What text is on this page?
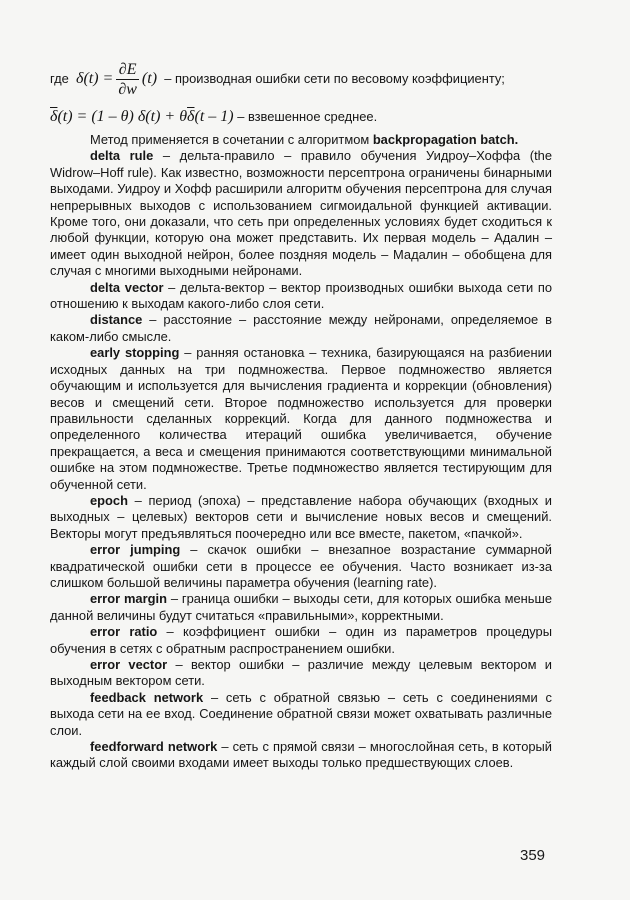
где
$\delta(t) = \frac{\partial E}{\partial w} (t)$
– производная ошибки сети по весовому коэффициенту;
$\overline{\delta}$ (t) = (1 – θ) δ(t) + θ $\overline{\delta}$ (t – 1)
– взвешенное среднее.

Метод применяется в сочетании с алгоритмом backpropagation batch.

delta rule – дельта-правило – правило обучения Уидроу–Хоффа (the Widrow–Hoff rule). Как известно, возможности персептрона ограничены бинарными выходами. Уидроу и Хофф расширили алгоритм обучения персептрона для случая непрерывных выходов с использованием сигмоидальной функцией активации. Кроме того, они доказали, что сеть при определенных условиях будет сходиться к любой функции, которую она может представить. Их первая модель – Адалин – имеет один выходной нейрон, более поздняя модель – Мадалин – обобщена для случая с многими выходными нейронами.

delta vector – дельта-вектор – вектор производных ошибки выхода сети по отношению к выходам какого-либо слоя сети.

distance – расстояние – расстояние между нейронами, определяемое в каком-либо смысле.

early stopping – ранняя остановка – техника, базирующаяся на разбиении исходных данных на три подмножества. Первое подмножество является обучающим и используется для вычисления градиента и коррекции (обновления) весов и смещений сети. Второе подмножество используется для проверки правильности сделанных коррекций. Когда для данного подмножества и определенного количества итераций ошибка увеличивается, обучение прекращается, а веса и смещения принимаются соответствующими минимальной ошибке на этом подмножестве. Третье подмножество является тестирующим для обученной сети.

epoch – период (эпоха) – представление набора обучающих (входных и выходных – целевых) векторов сети и вычисление новых весов и смещений. Векторы могут предъявляться поочередно или все вместе, пакетом, «пачкой».

error jumping – скачок ошибки – внезапное возрастание суммарной квадратической ошибки сети в процессе ее обучения. Часто возникает из-за слишком большой величины параметра обучения (learning rate).

error margin – граница ошибки – выходы сети, для которых ошибка меньше данной величины будут считаться «правильными», корректными.

error ratio – коэффициент ошибки – один из параметров процедуры обучения в сетях с обратным распространением ошибки.

error vector – вектор ошибки – различие между целевым вектором и выходным вектором сети.

feedback network – сеть с обратной связью – сеть с соединениями с выхода сети на ее вход. Соединение обратной связи может охватывать различные слои.

feedforward network – сеть с прямой связи – многослойная сеть, в который каждый слой своими входами имеет выходы только предшествующих слоев.

359
